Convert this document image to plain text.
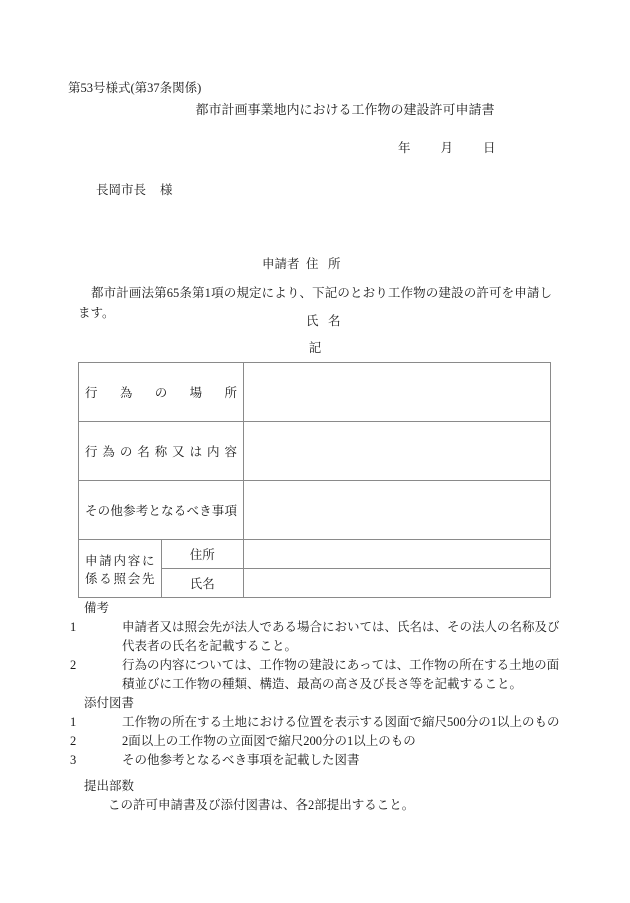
第53号様式(第37条関係)
都市計画事業地内における工作物の建設許可申請書
年 月 日
長岡市長 様

申請者 住 所

氏 名

都市計画法第65条第1項の規定により、下記のとおり工作物の建設の許可を申請します。
記
行為の場所		
行為の名称又は内容		
その他参考となるべき事項		
申請内容に係る照会先	住所	
	氏名	
備考
1	申請者又は照会先が法人である場合においては、氏名は、その法人の名称及び代表者の氏名を記載すること。
2	行為の内容については、工作物の建設にあっては、工作物の所在する土地の面積並びに工作物の種類、構造、最高の高さ及び長さ等を記載すること。
添付図書
1	工作物の所在する土地における位置を表示する図面で縮尺500分の1以上のもの
2	2面以上の工作物の立面図で縮尺200分の1以上のもの
3	その他参考となるべき事項を記載した図書
提出部数
この許可申請書及び添付図書は、各2部提出すること。
